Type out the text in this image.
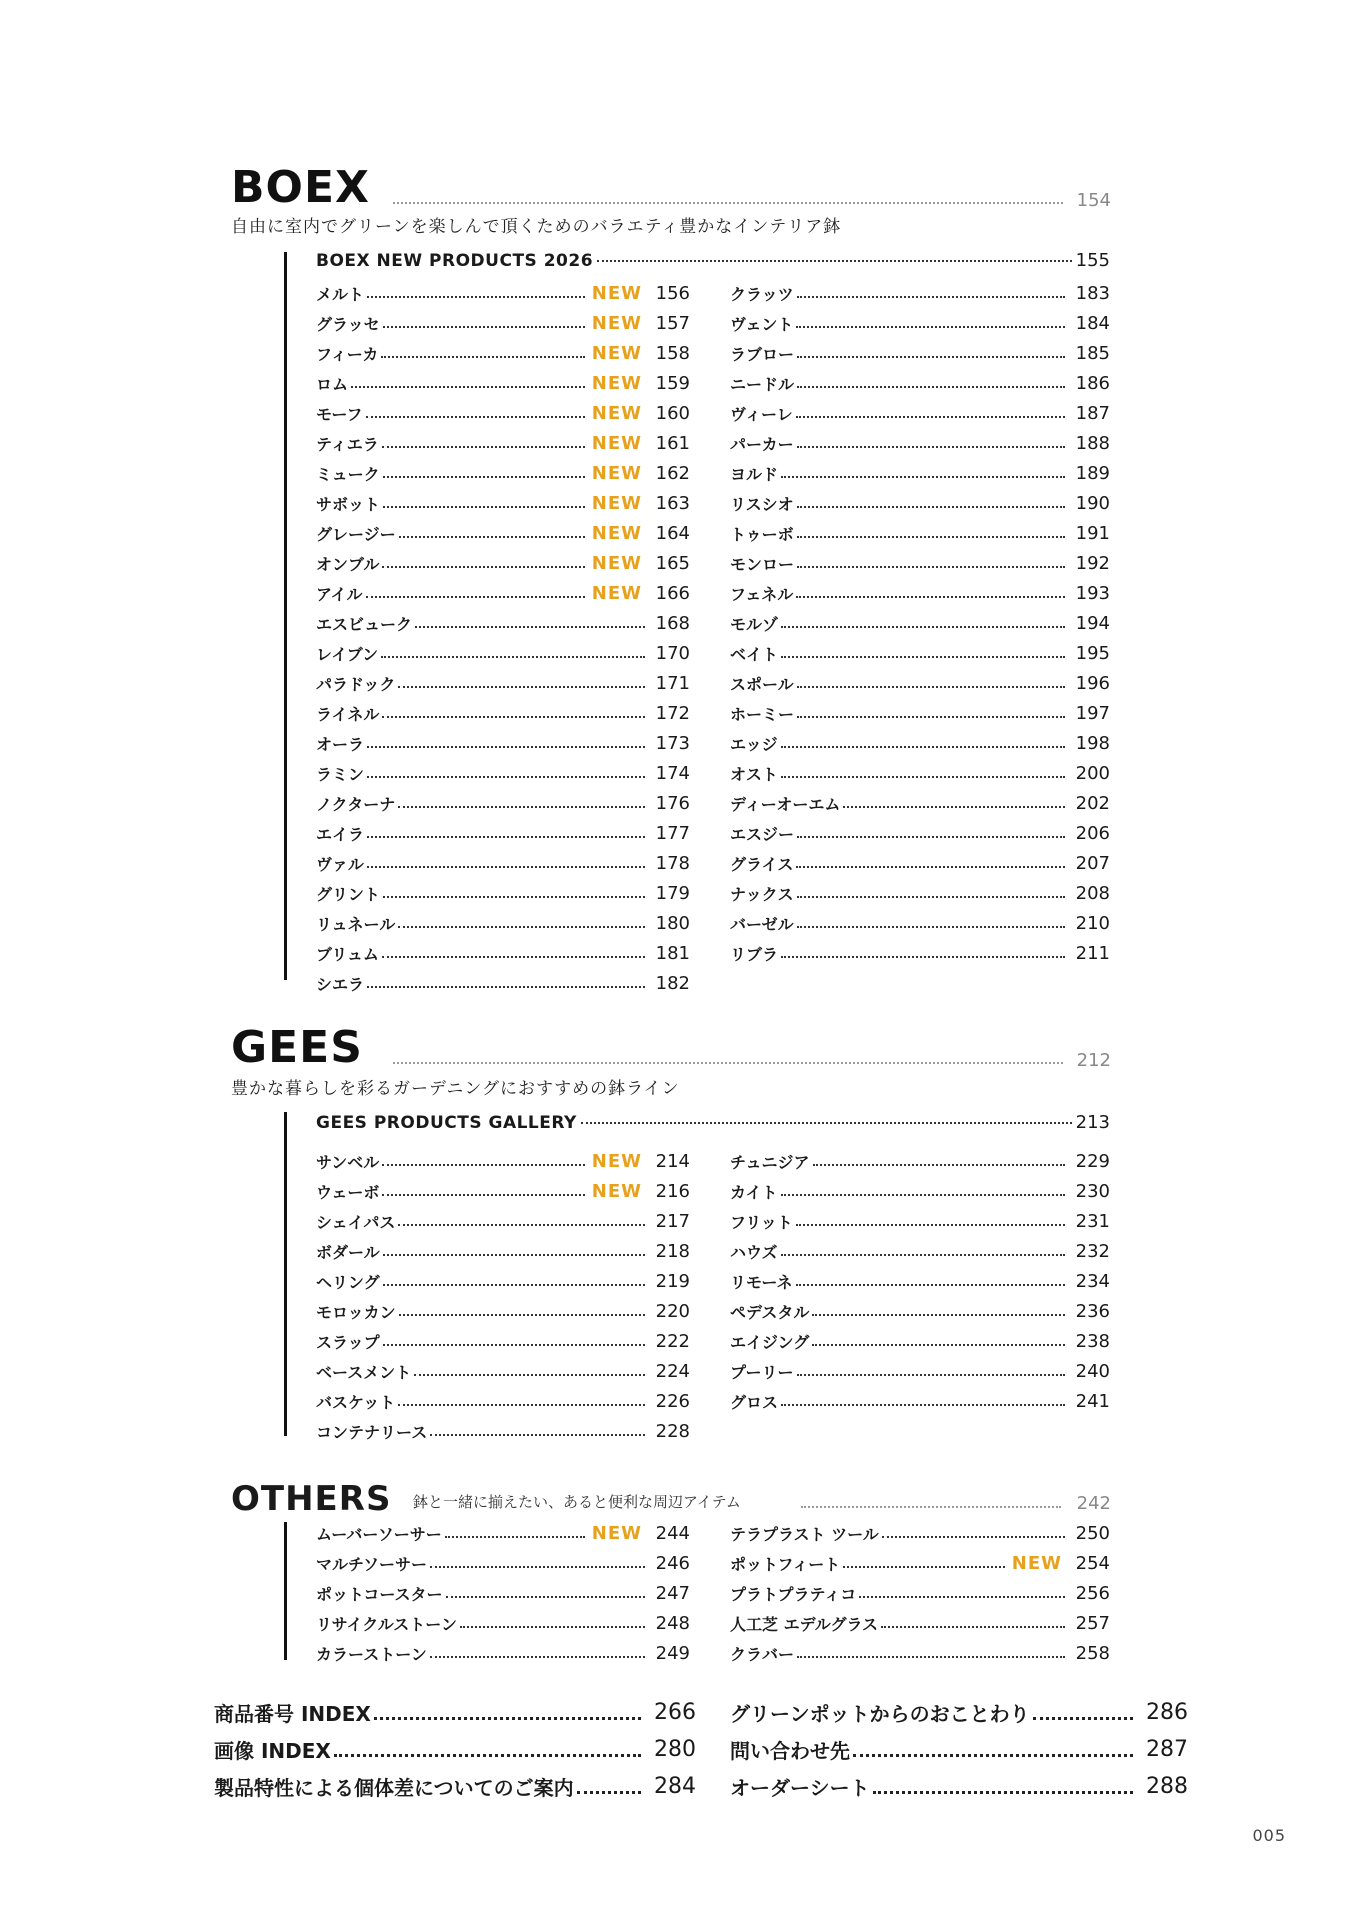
BOEX	154
自由に室内でグリーンを楽しんで頂くためのバラエティ豊かなインテリア鉢
BOEX NEW PRODUCTS 2026	155
メルト	NEW 156
グラッセ	NEW 157
フィーカ	NEW 158
ロム	NEW 159
モーフ	NEW 160
ティエラ	NEW 161
ミューク	NEW 162
サボット	NEW 163
グレージー	NEW 164
オンブル	NEW 165
アイル	NEW 166
エスビューク	168
レイブン	170
パラドック	171
ライネル	172
オーラ	173
ラミン	174
ノクターナ	176
エイラ	177
ヴァル	178
グリント	179
リュネール	180
ブリュム	181
シエラ	182
クラッツ	183
ヴェント	184
ラブロー	185
ニードル	186
ヴィーレ	187
パーカー	188
ヨルド	189
リスシオ	190
トゥーボ	191
モンロー	192
フェネル	193
モルゾ	194
ベイト	195
スポール	196
ホーミー	197
エッジ	198
オスト	200
ディーオーエム	202
エスジー	206
グライス	207
ナックス	208
バーゼル	210
リブラ	211
GEES	212
豊かな暮らしを彩るガーデニングにおすすめの鉢ライン
GEES PRODUCTS GALLERY	213
サンベル	NEW 214
ウェーボ	NEW 216
シェイパス	217
ボダール	218
ヘリング	219
モロッカン	220
スラップ	222
ベースメント	224
バスケット	226
コンテナリース	228
チュニジア	229
カイト	230
フリット	231
ハウズ	232
リモーネ	234
ペデスタル	236
エイジング	238
プーリー	240
グロス	241
OTHERS 鉢と一緒に揃えたい、あると便利な周辺アイテム	242
ムーバーソーサー	NEW 244
マルチソーサー	246
ポットコースター	247
リサイクルストーン	248
カラーストーン	249
テラプラスト ツール	250
ポットフィート	NEW 254
プラトプラティコ	256
人工芝 エデルグラス	257
クラバー	258
商品番号 INDEX	266
画像 INDEX	280
製品特性による個体差についてのご案内	284
グリーンポットからのおことわり	286
問い合わせ先	287
オーダーシート	288
005
